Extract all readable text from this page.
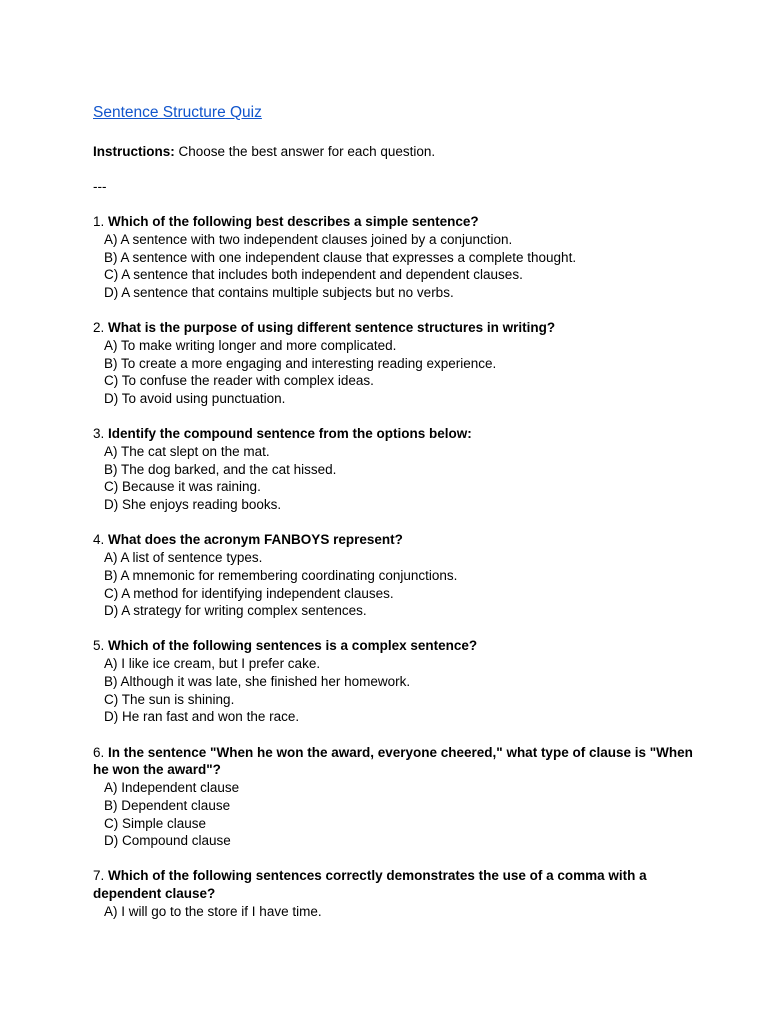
Sentence Structure Quiz
Instructions: Choose the best answer for each question.
---
1. Which of the following best describes a simple sentence?
A) A sentence with two independent clauses joined by a conjunction.
B) A sentence with one independent clause that expresses a complete thought.
C) A sentence that includes both independent and dependent clauses.
D) A sentence that contains multiple subjects but no verbs.
2. What is the purpose of using different sentence structures in writing?
A) To make writing longer and more complicated.
B) To create a more engaging and interesting reading experience.
C) To confuse the reader with complex ideas.
D) To avoid using punctuation.
3. Identify the compound sentence from the options below:
A) The cat slept on the mat.
B) The dog barked, and the cat hissed.
C) Because it was raining.
D) She enjoys reading books.
4. What does the acronym FANBOYS represent?
A) A list of sentence types.
B) A mnemonic for remembering coordinating conjunctions.
C) A method for identifying independent clauses.
D) A strategy for writing complex sentences.
5. Which of the following sentences is a complex sentence?
A) I like ice cream, but I prefer cake.
B) Although it was late, she finished her homework.
C) The sun is shining.
D) He ran fast and won the race.
6. In the sentence "When he won the award, everyone cheered," what type of clause is "When he won the award"?
A) Independent clause
B) Dependent clause
C) Simple clause
D) Compound clause
7. Which of the following sentences correctly demonstrates the use of a comma with a dependent clause?
A) I will go to the store if I have time.
